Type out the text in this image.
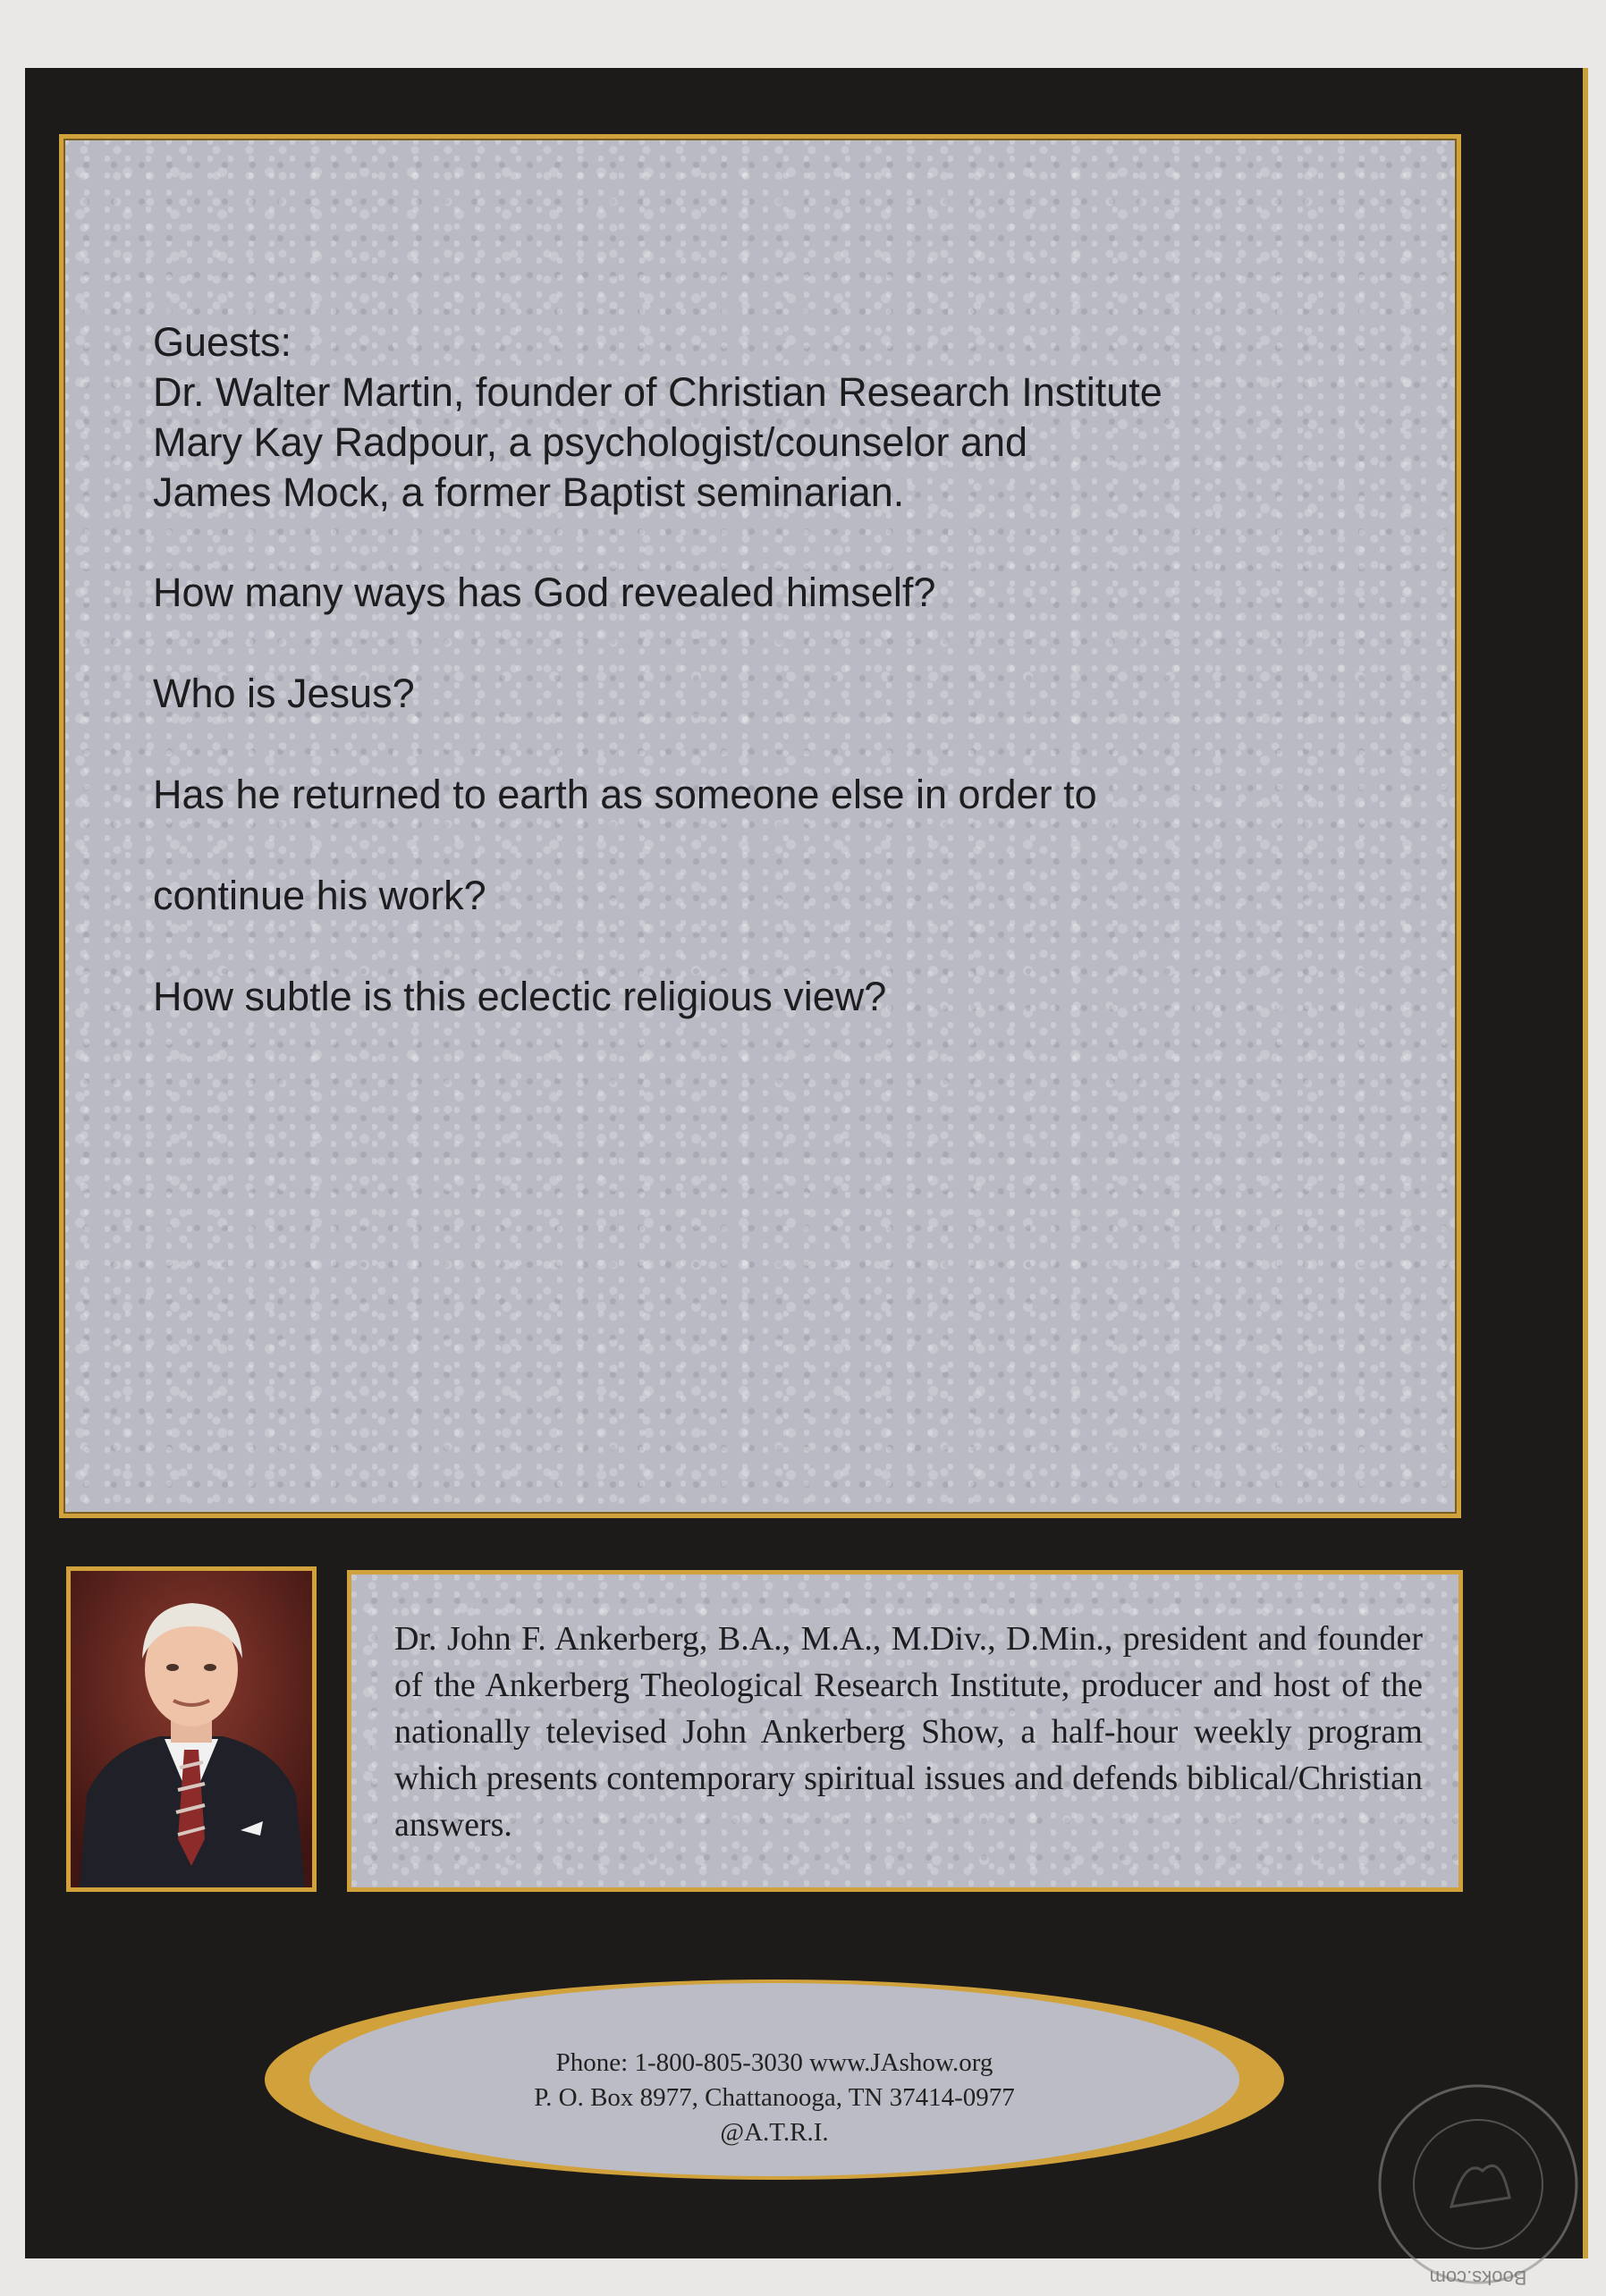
Guests:

Dr. Walter Martin, founder of Christian Research Institute

Mary Kay Radpour, a psychologist/counselor and

James Mock, a former Baptist seminarian.

How many ways has God revealed himself?

Who is Jesus?

Has he returned to earth as someone else in order to

continue his work?

How subtle is this eclectic religious view?

Dr. John F. Ankerberg, B.A., M.A., M.Div., D.Min., president and founder of the Ankerberg Theological Research Institute, producer and host of the nationally televised John Ankerberg Show, a half-hour weekly program which presents contemporary spiritual issues and defends biblical/Christian answers.
Phone: 1-800-805-3030 www.JAshow.org
P. O. Box 8977, Chattanooga, TN 37414-0977
@A.T.R.I.
Books.com
